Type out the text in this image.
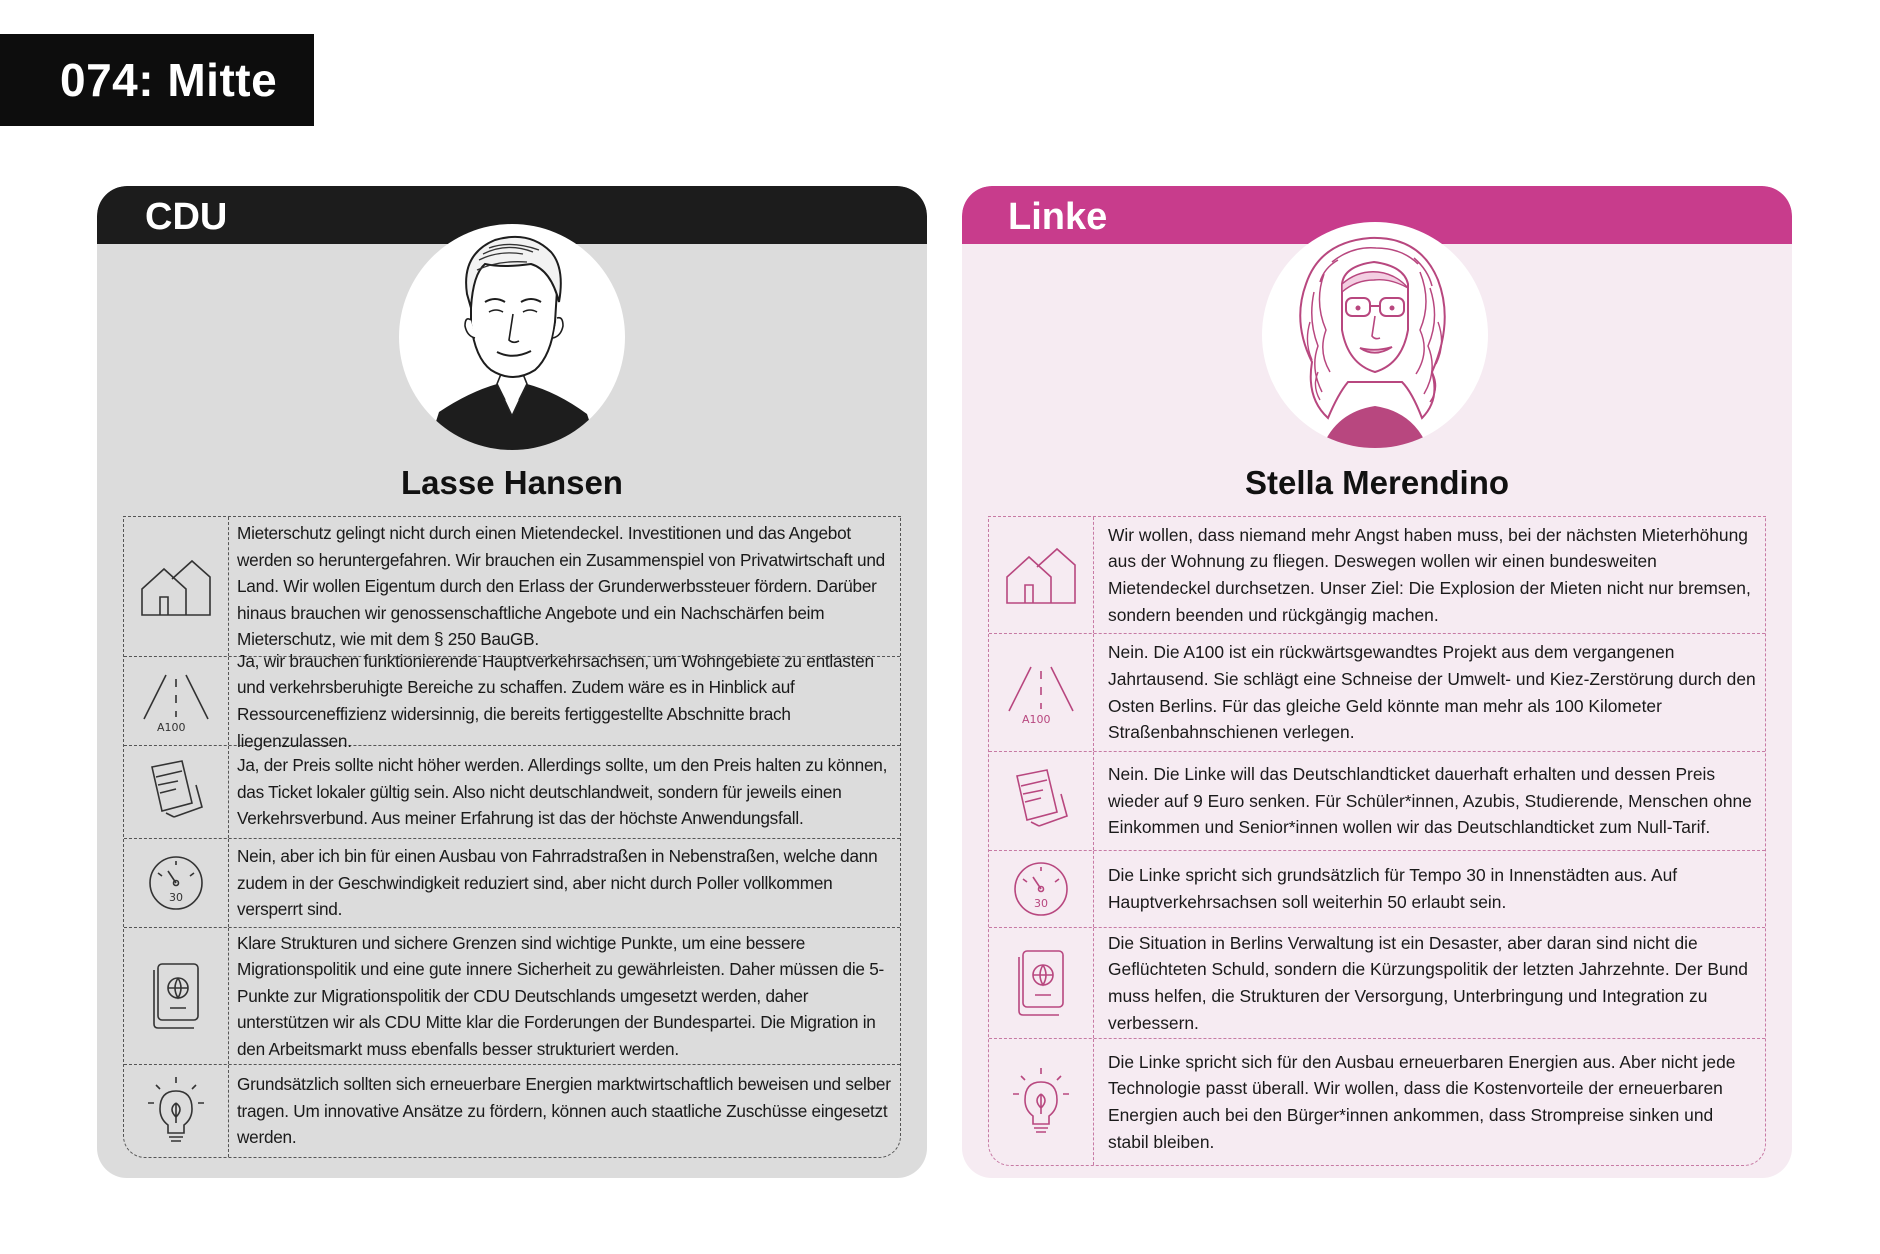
074: Mitte
CDU
Lasse Hansen
Mieterschutz gelingt nicht durch einen Mietendeckel. Investitionen und das Angebot werden so heruntergefahren. Wir brauchen ein Zusammenspiel von Privatwirtschaft und Land. Wir wollen Eigentum durch den Erlass der Grunderwerbssteuer fördern. Darüber hinaus brauchen wir genossenschaftliche Angebote und ein Nachschärfen beim Mieterschutz, wie mit dem § 250 BauGB.
A100
Ja, wir brauchen funktionierende Hauptverkehrsachsen, um Wohngebiete zu entlasten und verkehrsberuhigte Bereiche zu schaffen. Zudem wäre es in Hinblick auf Ressourceneffizienz widersinnig, die bereits fertiggestellte Abschnitte brach liegenzulassen.
Ja, der Preis sollte nicht höher werden. Allerdings sollte, um den Preis halten zu können, das Ticket lokaler gültig sein. Also nicht deutschlandweit, sondern für jeweils einen Verkehrsverbund. Aus meiner Erfahrung ist das der höchste Anwendungsfall.
30
Nein, aber ich bin für einen Ausbau von Fahrradstraßen in Nebenstraßen, welche dann zudem in der Geschwindigkeit reduziert sind, aber nicht durch Poller vollkommen versperrt sind.
Klare Strukturen und sichere Grenzen sind wichtige Punkte, um eine bessere Migrationspolitik und eine gute innere Sicherheit zu gewährleisten. Daher müssen die 5-Punkte zur Migrationspolitik der CDU Deutschlands umgesetzt werden, daher unterstützen wir als CDU Mitte klar die Forderungen der Bundespartei. Die Migration in den Arbeitsmarkt muss ebenfalls besser strukturiert werden.
Grundsätzlich sollten sich erneuerbare Energien marktwirtschaftlich beweisen und selber tragen. Um innovative Ansätze zu fördern, können auch staatliche Zuschüsse eingesetzt werden.
Linke
Stella Merendino
Wir wollen, dass niemand mehr Angst haben muss, bei der nächsten Mieterhöhung aus der Wohnung zu fliegen. Deswegen wollen wir einen bundesweiten Mietendeckel durchsetzen. Unser Ziel: Die Explosion der Mieten nicht nur bremsen, sondern beenden und rückgängig machen.
A100
Nein. Die A100 ist ein rückwärtsgewandtes Projekt aus dem vergangenen Jahrtausend. Sie schlägt eine Schneise der Umwelt- und Kiez-Zerstörung durch den Osten Berlins. Für das gleiche Geld könnte man mehr als 100 Kilometer Straßenbahnschienen verlegen.
Nein. Die Linke will das Deutschlandticket dauerhaft erhalten und dessen Preis wieder auf 9 Euro senken. Für Schüler*innen, Azubis, Studierende, Menschen ohne Einkommen und Senior*innen wollen wir das Deutschlandticket zum Null-Tarif.
30
Die Linke spricht sich grundsätzlich für Tempo 30 in Innenstädten aus. Auf Hauptverkehrsachsen soll weiterhin 50 erlaubt sein.
Die Situation in Berlins Verwaltung ist ein Desaster, aber daran sind nicht die Geflüchteten Schuld, sondern die Kürzungspolitik der letzten Jahrzehnte. Der Bund muss helfen, die Strukturen der Versorgung, Unterbringung und Integration zu verbessern.
Die Linke spricht sich für den Ausbau erneuerbaren Energien aus. Aber nicht jede Technologie passt überall. Wir wollen, dass die Kostenvorteile der erneuerbaren Energien auch bei den Bürger*innen ankommen, dass Strompreise sinken und stabil bleiben.
